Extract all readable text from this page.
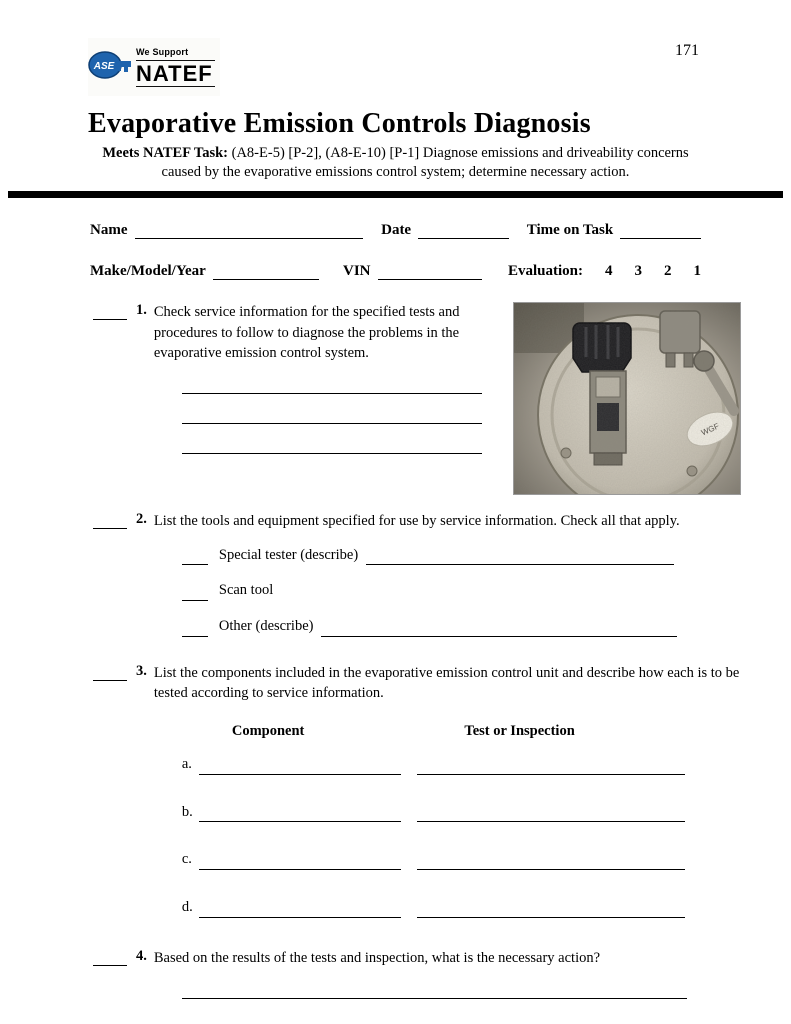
ASE
We Support
NATEF
171
Evaporative Emission Controls Diagnosis

Meets NATEF Task: (A8-E-5) [P-2], (A8-E-10) [P-1] Diagnose emissions and driveability concerns caused by the evaporative emissions control system; determine necessary action.

Name	Date	Time on Task
Make/Model/Year	VIN	Evaluation: 4 3 2 1
1. Check service information for the specified tests and procedures to follow to diagnose the problems in the evaporative emission control system.
WGF
2. List the tools and equipment specified for use by service information. Check all that apply.
Special tester (describe)
Scan tool
Other (describe)
3. List the components included in the evaporative emission control unit and describe how each is to be tested according to service information.
Component	Test or Inspection
a.
b.
c.
d.
4. Based on the results of the tests and inspection, what is the necessary action?
